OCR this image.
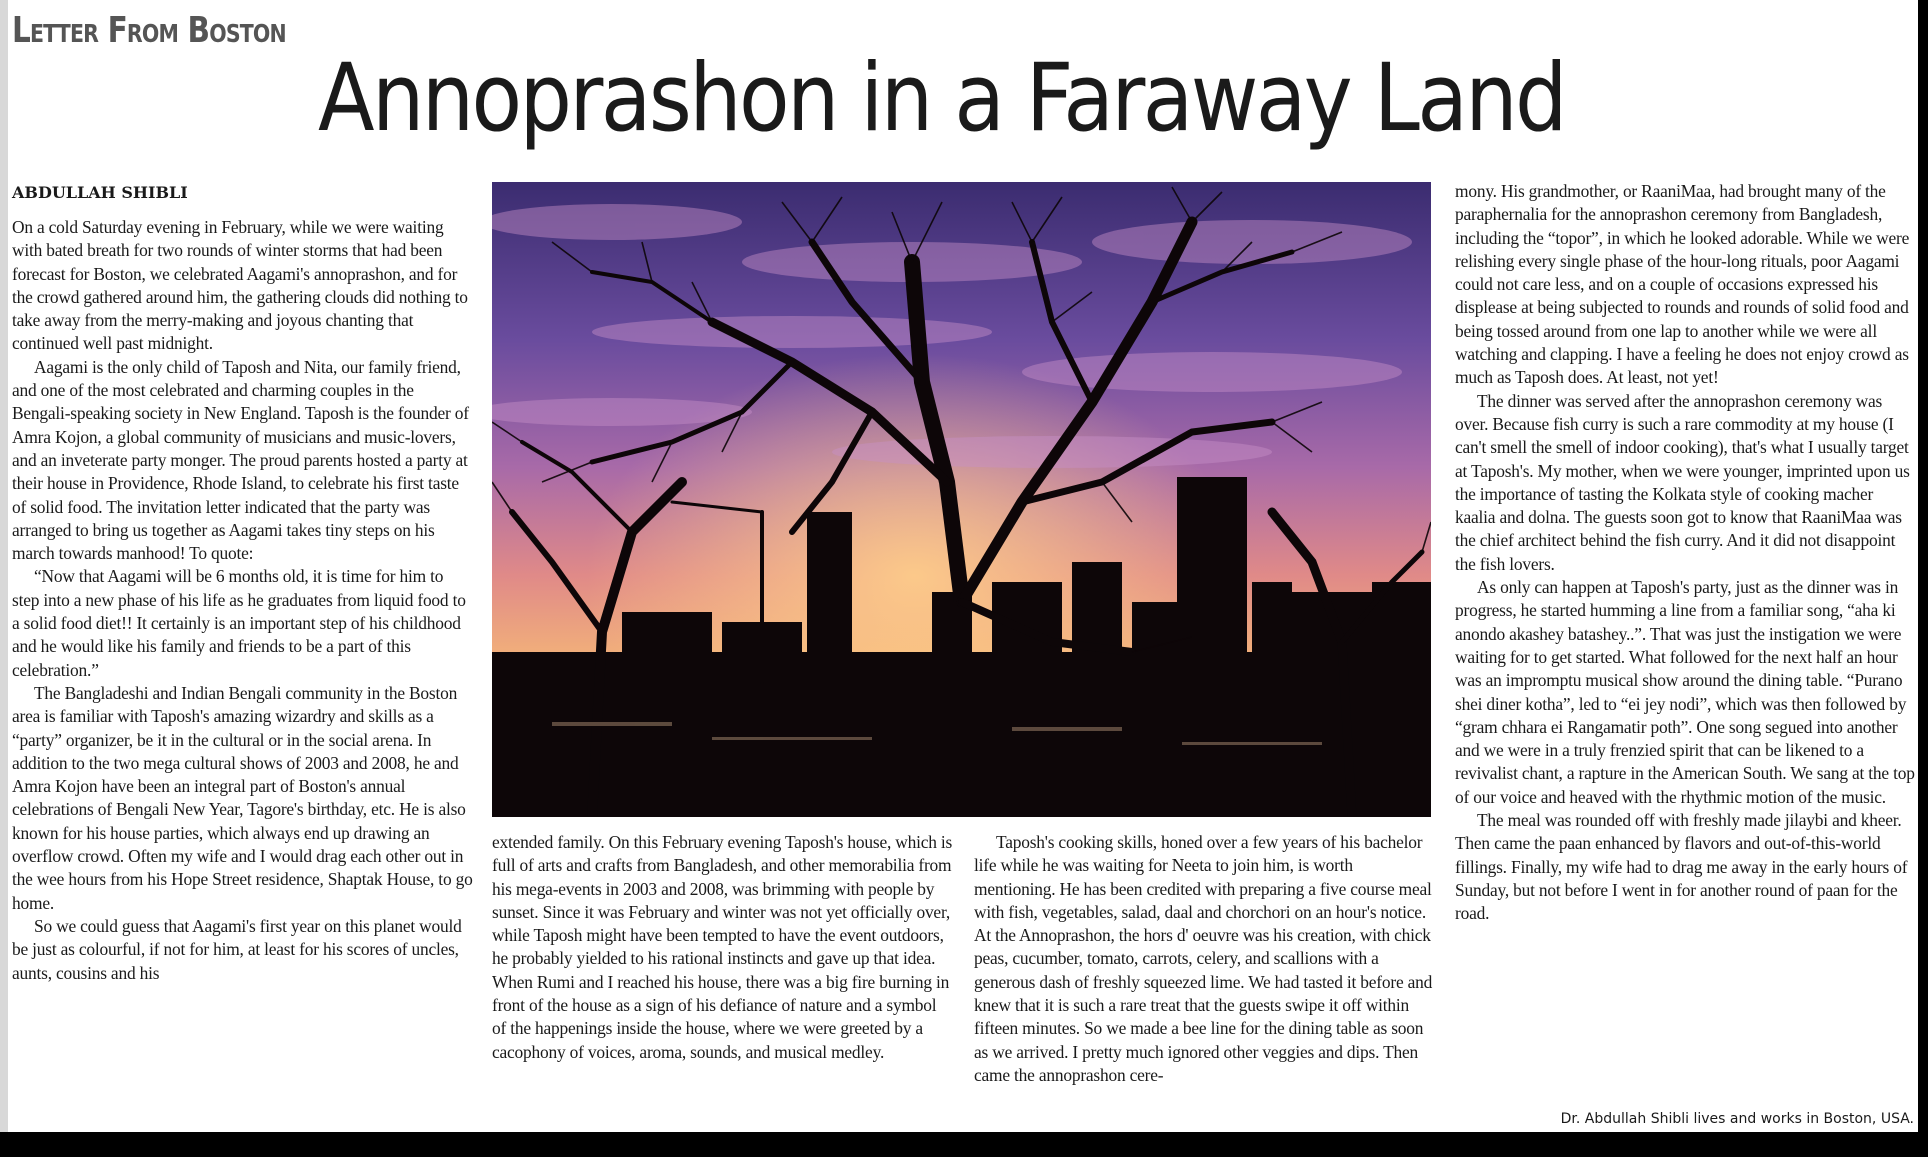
Letter From Boston
Annoprashon in a Faraway Land
ABDULLAH SHIBLI

On a cold Saturday evening in February, while we were waiting with bated breath for two rounds of winter storms that had been forecast for Boston, we celebrated Aagami's annoprashon, and for the crowd gathered around him, the gathering clouds did nothing to take away from the merry-making and joyous chanting that continued well past midnight.

Aagami is the only child of Taposh and Nita, our family friend, and one of the most celebrated and charming couples in the Bengali-speaking society in New England. Taposh is the founder of Amra Kojon, a global community of musicians and music-lovers, and an inveterate party monger. The proud parents hosted a party at their house in Providence, Rhode Island, to celebrate his first taste of solid food. The invitation letter indicated that the party was arranged to bring us together as Aagami takes tiny steps on his march towards manhood! To quote:

“Now that Aagami will be 6 months old, it is time for him to step into a new phase of his life as he graduates from liquid food to a solid food diet!! It certainly is an important step of his childhood and he would like his family and friends to be a part of this celebration.”

The Bangladeshi and Indian Bengali community in the Boston area is familiar with Taposh's amazing wizardry and skills as a “party” organizer, be it in the cultural or in the social arena. In addition to the two mega cultural shows of 2003 and 2008, he and Amra Kojon have been an integral part of Boston's annual celebrations of Bengali New Year, Tagore's birthday, etc. He is also known for his house parties, which always end up drawing an overflow crowd. Often my wife and I would drag each other out in the wee hours from his Hope Street residence, Shaptak House, to go home.

So we could guess that Aagami's first year on this planet would be just as colourful, if not for him, at least for his scores of uncles, aunts, cousins and his

extended family. On this February evening Taposh's house, which is full of arts and crafts from Bangladesh, and other memorabilia from his mega-events in 2003 and 2008, was brimming with people by sunset. Since it was February and winter was not yet officially over, while Taposh might have been tempted to have the event outdoors, he probably yielded to his rational instincts and gave up that idea. When Rumi and I reached his house, there was a big fire burning in front of the house as a sign of his defiance of nature and a symbol of the happenings inside the house, where we were greeted by a cacophony of voices, aroma, sounds, and musical medley.

Taposh's cooking skills, honed over a few years of his bachelor life while he was waiting for Neeta to join him, is worth mentioning. He has been credited with preparing a five course meal with fish, vegetables, salad, daal and chorchori on an hour's notice. At the Annoprashon, the hors d' oeuvre was his creation, with chick peas, cucumber, tomato, carrots, celery, and scallions with a generous dash of freshly squeezed lime. We had tasted it before and knew that it is such a rare treat that the guests swipe it off within fifteen minutes. So we made a bee line for the dining table as soon as we arrived. I pretty much ignored other veggies and dips. Then came the annoprashon cere-

mony. His grandmother, or RaaniMaa, had brought many of the paraphernalia for the annoprashon ceremony from Bangladesh, including the “topor”, in which he looked adorable. While we were relishing every single phase of the hour-long rituals, poor Aagami could not care less, and on a couple of occasions expressed his displease at being subjected to rounds and rounds of solid food and being tossed around from one lap to another while we were all watching and clapping. I have a feeling he does not enjoy crowd as much as Taposh does. At least, not yet!

The dinner was served after the annoprashon ceremony was over. Because fish curry is such a rare commodity at my house (I can't smell the smell of indoor cooking), that's what I usually target at Taposh's. My mother, when we were younger, imprinted upon us the importance of tasting the Kolkata style of cooking macher kaalia and dolna. The guests soon got to know that RaaniMaa was the chief architect behind the fish curry. And it did not disappoint the fish lovers.

As only can happen at Taposh's party, just as the dinner was in progress, he started humming a line from a familiar song, “aha ki anondo akashey batashey..”. That was just the instigation we were waiting for to get started. What followed for the next half an hour was an impromptu musical show around the dining table. “Purano shei diner kotha”, led to “ei jey nodi”, which was then followed by “gram chhara ei Rangamatir poth”. One song segued into another and we were in a truly frenzied spirit that can be likened to a revivalist chant, a rapture in the American South. We sang at the top of our voice and heaved with the rhythmic motion of the music.

The meal was rounded off with freshly made jilaybi and kheer. Then came the paan enhanced by flavors and out-of-this-world fillings. Finally, my wife had to drag me away in the early hours of Sunday, but not before I went in for another round of paan for the road.

Dr. Abdullah Shibli lives and works in Boston, USA.
